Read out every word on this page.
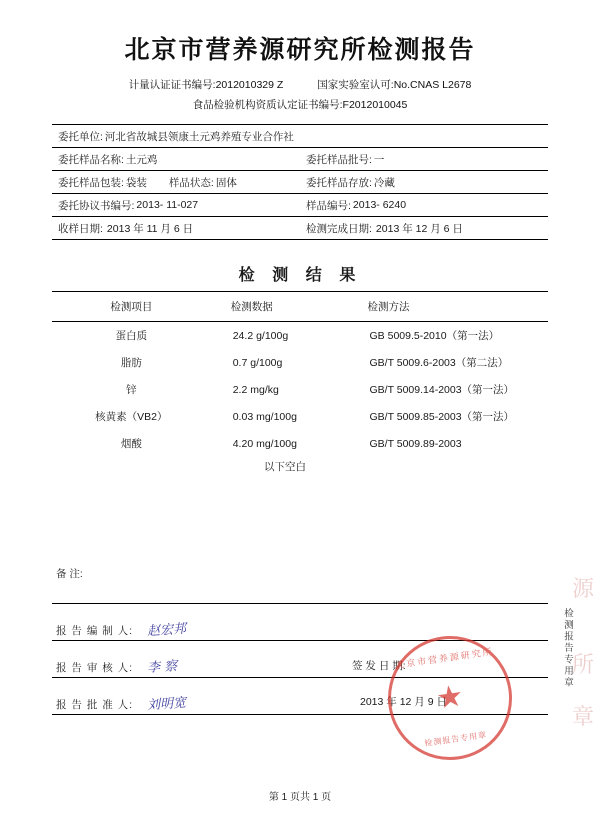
北京市营养源研究所检测报告
计量认证证书编号:2012010329 Z	国家实验室认可:No.CNAS L2678
食品检验机构资质认定证书编号:F2012010045
委托单位: 河北省故城县领康土元鸡养殖专业合作社
委托样品名称: 土元鸡	委托样品批号: 一
委托样品包装: 袋装 样品状态: 固体	委托样品存放: 冷藏
委托协议书编号: 2013- 11-027	样品编号: 2013- 6240
收样日期: 2013 年 11 月 6 日	检测完成日期: 2013 年 12 月 6 日
检 测 结 果
检测项目	检测数据	检测方法
蛋白质	24.2 g/100g	GB 5009.5-2010（第一法）
脂肪	0.7 g/100g	GB/T 5009.6-2003（第二法）
锌	2.2 mg/kg	GB/T 5009.14-2003（第一法）
核黄素（VB2）	0.03 mg/100g	GB/T 5009.85-2003（第一法）
烟酸	4.20 mg/100g	GB/T 5009.89-2003
以下空白
备 注:
报 告 编 制 人: 赵宏邦
报 告 审 核 人: 李 察	签 发 日 期:
报 告 批 准 人: 刘明宽	2013 年 12 月 9 日
北京市营养源研究所
★
检测报告专用章
检测报告专用章
源
所
章
第 1 页共 1 页
